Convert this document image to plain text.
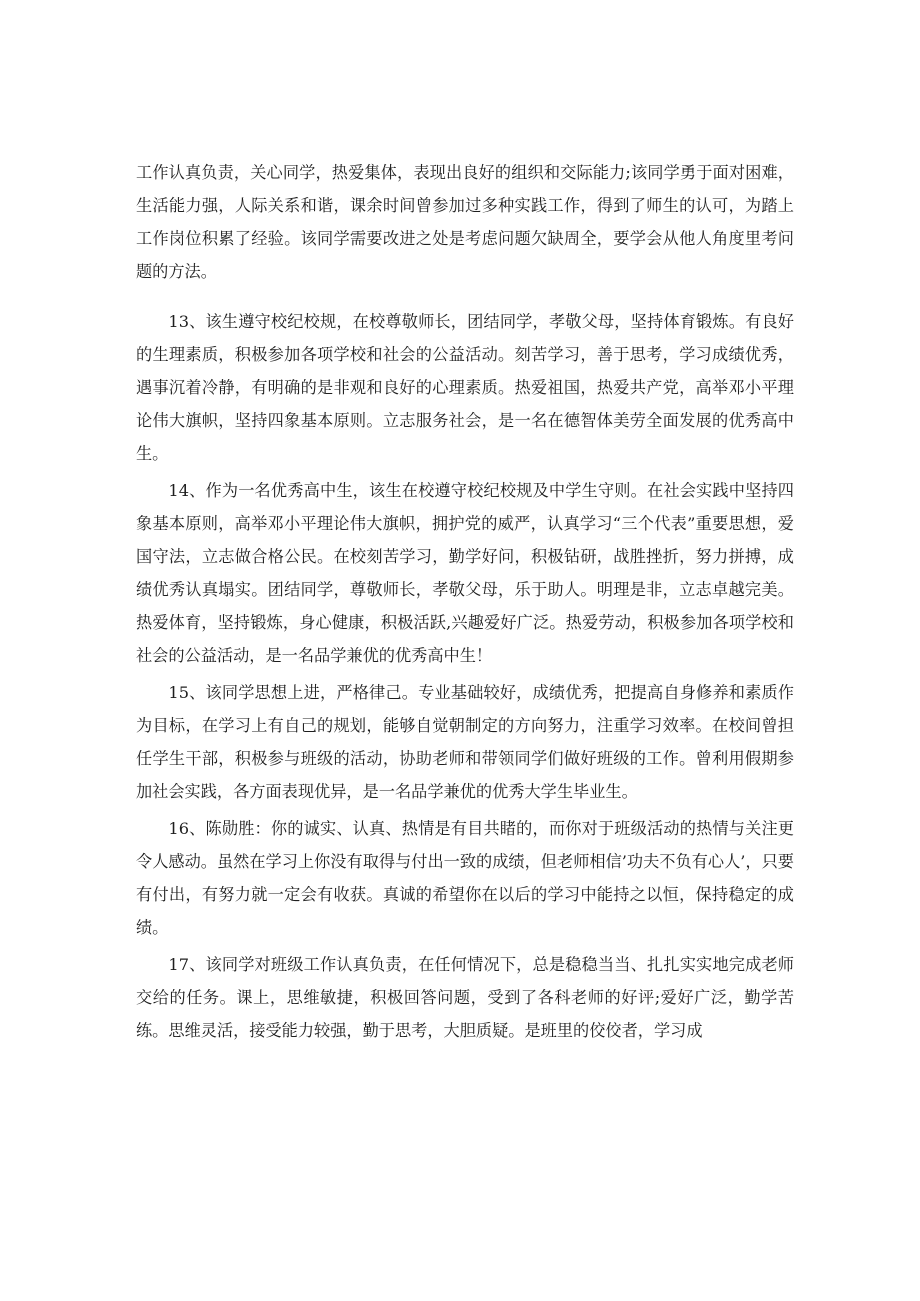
工作认真负责，关心同学，热爱集体，表现出良好的组织和交际能力;该同学勇于面对困难，生活能力强，人际关系和谐，课余时间曾参加过多种实践工作，得到了师生的认可，为踏上工作岗位积累了经验。该同学需要改进之处是考虑问题欠缺周全，要学会从他人角度里考问题的方法。

13、该生遵守校纪校规，在校尊敬师长，团结同学，孝敬父母，坚持体育锻炼。有良好的生理素质，积极参加各项学校和社会的公益活动。刻苦学习，善于思考，学习成绩优秀，遇事沉着冷静，有明确的是非观和良好的心理素质。热爱祖国，热爱共产党，高举邓小平理论伟大旗帜，坚持四象基本原则。立志服务社会，是一名在德智体美劳全面发展的优秀高中生。

14、作为一名优秀高中生，该生在校遵守校纪校规及中学生守则。在社会实践中坚持四象基本原则，高举邓小平理论伟大旗帜，拥护党的威严，认真学习“三个代表”重要思想，爱国守法，立志做合格公民。在校刻苦学习，勤学好问，积极钻研，战胜挫折，努力拼搏，成绩优秀认真塌实。团结同学，尊敬师长，孝敬父母，乐于助人。明理是非，立志卓越完美。热爱体育，坚持锻炼，身心健康，积极活跃,兴趣爱好广泛。热爱劳动，积极参加各项学校和社会的公益活动，是一名品学兼优的优秀高中生！

15、该同学思想上进，严格律己。专业基础较好，成绩优秀，把提高自身修养和素质作为目标，在学习上有自己的规划，能够自觉朝制定的方向努力，注重学习效率。在校间曾担任学生干部，积极参与班级的活动，协助老师和带领同学们做好班级的工作。曾利用假期参加社会实践，各方面表现优异，是一名品学兼优的优秀大学生毕业生。

16、陈勋胜：你的诚实、认真、热情是有目共睹的，而你对于班级活动的热情与关注更令人感动。虽然在学习上你没有取得与付出一致的成绩，但老师相信’功夫不负有心人’，只要有付出，有努力就一定会有收获。真诚的希望你在以后的学习中能持之以恒，保持稳定的成绩。

17、该同学对班级工作认真负责，在任何情况下，总是稳稳当当、扎扎实实地完成老师交给的任务。课上，思维敏捷，积极回答问题，受到了各科老师的好评;爱好广泛，勤学苦练。思维灵活，接受能力较强，勤于思考，大胆质疑。是班里的佼佼者，学习成
